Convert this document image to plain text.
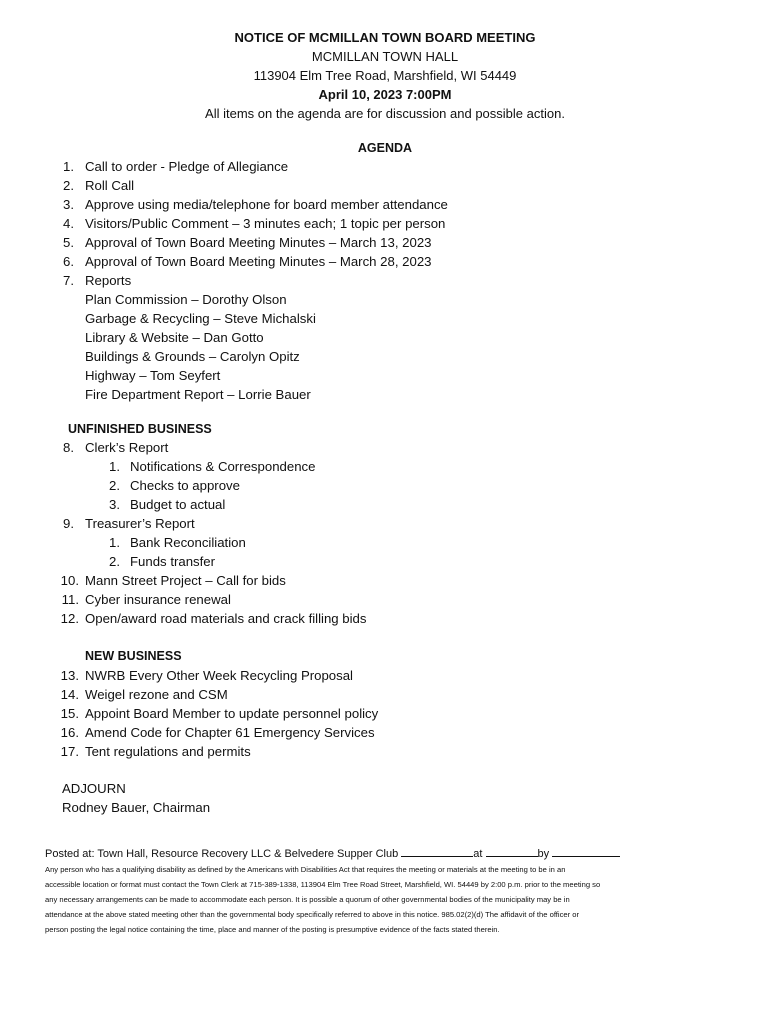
NOTICE OF MCMILLAN TOWN BOARD MEETING
MCMILLAN TOWN HALL
113904 Elm Tree Road, Marshfield, WI 54449
April 10, 2023 7:00PM
All items on the agenda are for discussion and possible action.
AGENDA
1. Call to order - Pledge of Allegiance
2. Roll Call
3. Approve using media/telephone for board member attendance
4. Visitors/Public Comment – 3 minutes each; 1 topic per person
5. Approval of Town Board Meeting Minutes – March 13, 2023
6. Approval of Town Board Meeting Minutes – March 28, 2023
7. Reports
Plan Commission – Dorothy Olson
Garbage & Recycling – Steve Michalski
Library & Website – Dan Gotto
Buildings & Grounds – Carolyn Opitz
Highway – Tom Seyfert
Fire Department Report – Lorrie Bauer
UNFINISHED BUSINESS
8. Clerk’s Report
1. Notifications & Correspondence
2. Checks to approve
3. Budget to actual
9. Treasurer’s Report
1. Bank Reconciliation
2. Funds transfer
10. Mann Street Project – Call for bids
11. Cyber insurance renewal
12. Open/award road materials and crack filling bids
NEW BUSINESS
13. NWRB Every Other Week Recycling Proposal
14. Weigel rezone and CSM
15. Appoint Board Member to update personnel policy
16. Amend Code for Chapter 61 Emergency Services
17. Tent regulations and permits
ADJOURN
Rodney Bauer, Chairman
Posted at: Town Hall, Resource Recovery LLC & Belvedere Supper Club	at	by
Any person who has a qualifying disability as defined by the Americans with Disabilities Act that requires the meeting or materials at the meeting to be in an
accessible location or format must contact the Town Clerk at 715-389-1338, 113904 Elm Tree Road Street, Marshfield, WI. 54449 by 2:00 p.m. prior to the meeting so
any necessary arrangements can be made to accommodate each person. It is possible a quorum of other governmental bodies of the municipality may be in
attendance at the above stated meeting other than the governmental body specifically referred to above in this notice. 985.02(2)(d) The affidavit of the officer or
person posting the legal notice containing the time, place and manner of the posting is presumptive evidence of the facts stated therein.
